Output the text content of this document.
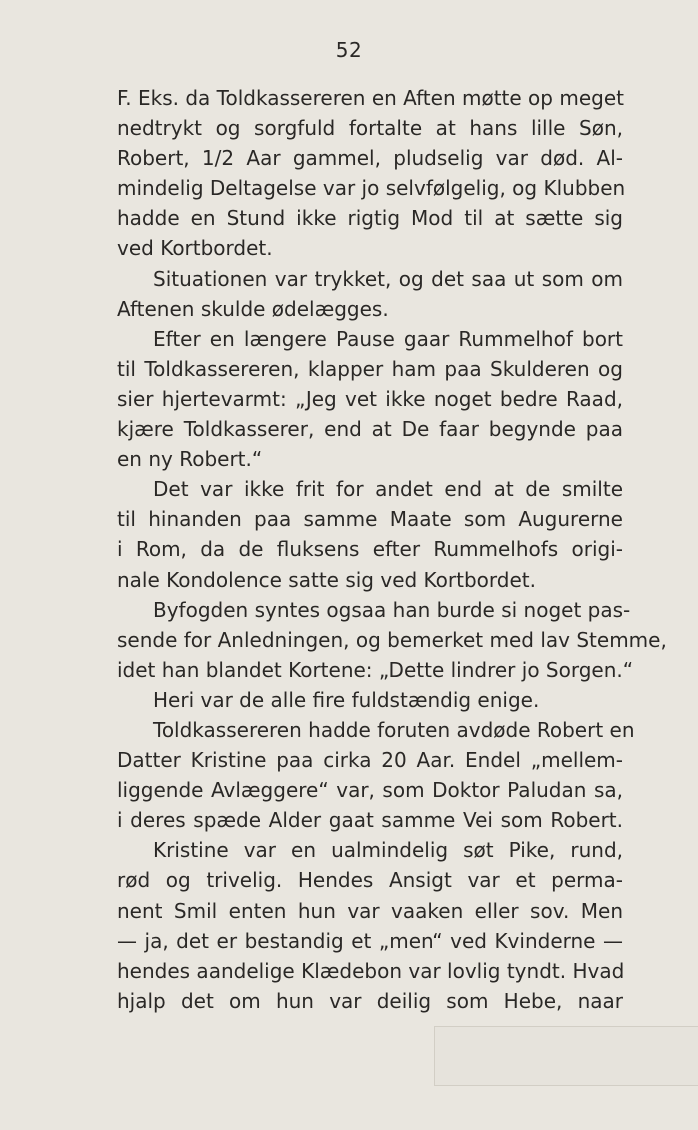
52
F. Eks. da Toldkassereren en Aften møtte op meget
nedtrykt og sorgfuld fortalte at hans lille Søn,
Robert, 1/2 Aar gammel, pludselig var død. Al-
mindelig Deltagelse var jo selvfølgelig, og Klubben
hadde en Stund ikke rigtig Mod til at sætte sig
ved Kortbordet.
Situationen var trykket, og det saa ut som om
Aftenen skulde ødelægges.
Efter en længere Pause gaar Rummelhof bort
til Toldkassereren, klapper ham paa Skulderen og
sier hjertevarmt: „Jeg vet ikke noget bedre Raad,
kjære Toldkasserer, end at De faar begynde paa
en ny Robert.“
Det var ikke frit for andet end at de smilte
til hinanden paa samme Maate som Augurerne
i Rom, da de fluksens efter Rummelhofs origi-
nale Kondolence satte sig ved Kortbordet.
Byfogden syntes ogsaa han burde si noget pas-
sende for Anledningen, og bemerket med lav Stemme,
idet han blandet Kortene: „Dette lindrer jo Sorgen.“
Heri var de alle fire fuldstændig enige.
Toldkassereren hadde foruten avdøde Robert en
Datter Kristine paa cirka 20 Aar. Endel „mellem-
liggende Avlæggere“ var, som Doktor Paludan sa,
i deres spæde Alder gaat samme Vei som Robert.
Kristine var en ualmindelig søt Pike, rund,
rød og trivelig. Hendes Ansigt var et perma-
nent Smil enten hun var vaaken eller sov. Men
— ja, det er bestandig et „men“ ved Kvinderne —
hendes aandelige Klædebon var lovlig tyndt. Hvad
hjalp det om hun var deilig som Hebe, naar
